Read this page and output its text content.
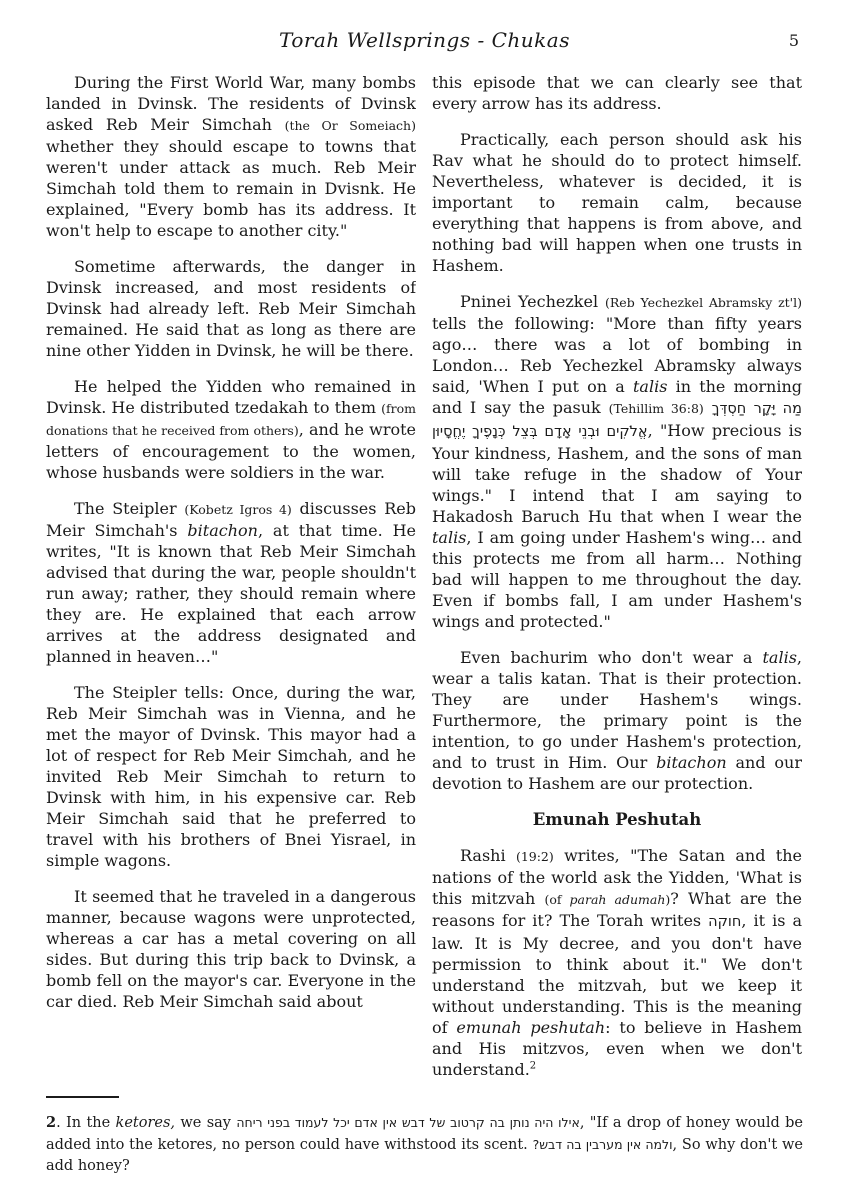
Torah Wellsprings - Chukas	5

During the First World War, many bombs landed in Dvinsk. The residents of Dvinsk asked Reb Meir Simchah (the Or Someiach) whether they should escape to towns that weren't under attack as much. Reb Meir Simchah told them to remain in Dvisnk. He explained, "Every bomb has its address. It won't help to escape to another city."

Sometime afterwards, the danger in Dvinsk increased, and most residents of Dvinsk had already left. Reb Meir Simchah remained. He said that as long as there are nine other Yidden in Dvinsk, he will be there.

He helped the Yidden who remained in Dvinsk. He distributed tzedakah to them (from donations that he received from others), and he wrote letters of encouragement to the women, whose husbands were soldiers in the war.

The Steipler (Kobetz Igros 4) discusses Reb Meir Simchah's bitachon, at that time. He writes, "It is known that Reb Meir Simchah advised that during the war, people shouldn't run away; rather, they should remain where they are. He explained that each arrow arrives at the address designated and planned in heaven…"

The Steipler tells: Once, during the war, Reb Meir Simchah was in Vienna, and he met the mayor of Dvinsk. This mayor had a lot of respect for Reb Meir Simchah, and he invited Reb Meir Simchah to return to Dvinsk with him, in his expensive car. Reb Meir Simchah said that he preferred to travel with his brothers of Bnei Yisrael, in simple wagons.

It seemed that he traveled in a dangerous manner, because wagons were unprotected, whereas a car has a metal covering on all sides. But during this trip back to Dvinsk, a bomb fell on the mayor's car. Everyone in the car died. Reb Meir Simchah said about

this episode that we can clearly see that every arrow has its address.

Practically, each person should ask his Rav what he should do to protect himself. Nevertheless, whatever is decided, it is important to remain calm, because everything that happens is from above, and nothing bad will happen when one trusts in Hashem.

Pninei Yechezkel (Reb Yechezkel Abramsky zt'l) tells the following: "More than fifty years ago… there was a lot of bombing in London… Reb Yechezkel Abramsky always said, 'When I put on a talis in the morning and I say the pasuk (Tehillim 36:8) מַה יָּקָר חַסְדְּךָ אֱלֹקִים וּבְנֵי אָדָם בְּצֵל כְּנָפֶיךָ יֶחֱסָיוּן, "How precious is Your kindness, Hashem, and the sons of man will take refuge in the shadow of Your wings." I intend that I am saying to Hakadosh Baruch Hu that when I wear the talis, I am going under Hashem's wing… and this protects me from all harm… Nothing bad will happen to me throughout the day. Even if bombs fall, I am under Hashem's wings and protected."

Even bachurim who don't wear a talis, wear a talis katan. That is their protection. They are under Hashem's wings. Furthermore, the primary point is the intention, to go under Hashem's protection, and to trust in Him. Our bitachon and our devotion to Hashem are our protection.

Emunah Peshutah

Rashi (19:2) writes, "The Satan and the nations of the world ask the Yidden, 'What is this mitzvah (of parah adumah)? What are the reasons for it? The Torah writes חוקה, it is a law. It is My decree, and you don't have permission to think about it." We don't understand the mitzvah, but we keep it without understanding. This is the meaning of emunah peshutah: to believe in Hashem and His mitzvos, even when we don't understand.$^2$

2. In the ketores, we say אילו היה נותן בה קרטוב של דבש אין אדם יכל לעמוד בפני ריחה, "If a drop of honey would be added into the ketores, no person could have withstood its scent. ולמה אין מערבין בה דבש?, So why don't we add honey?
